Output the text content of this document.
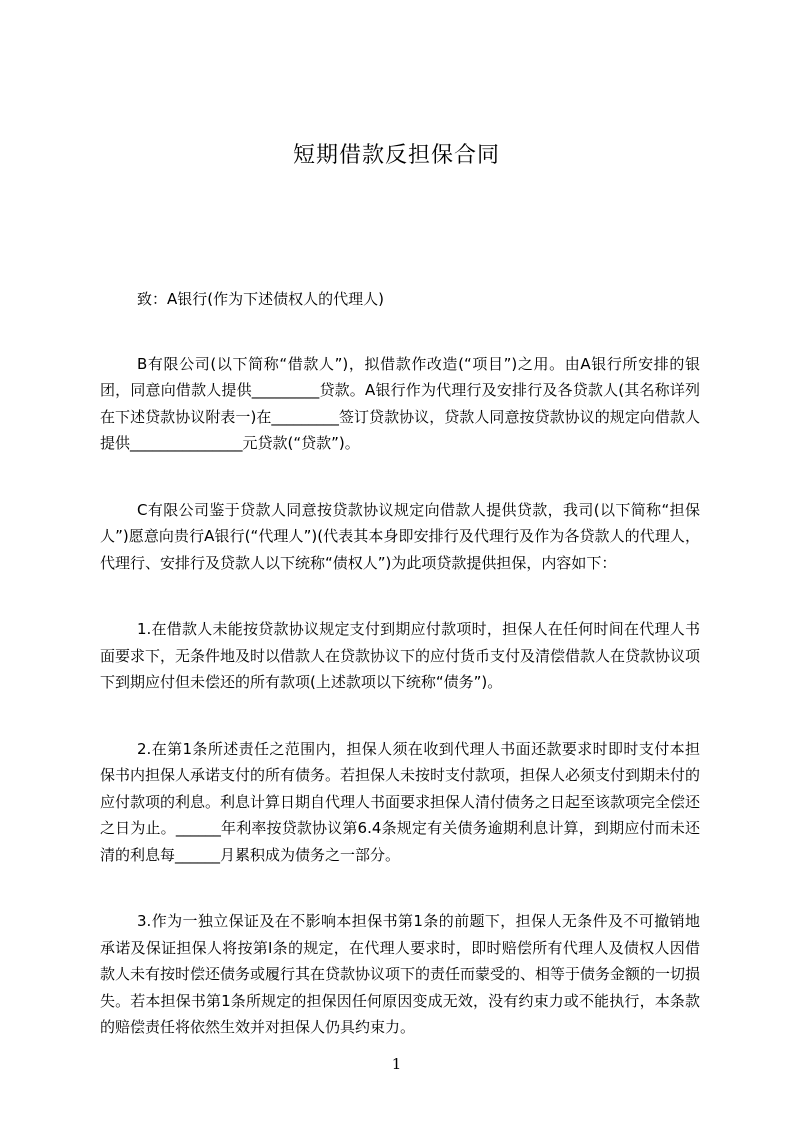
短期借款反担保合同

致：A银行(作为下述债权人的代理人)

B有限公司(以下简称“借款人”)，拟借款作改造(“项目”)之用。由A银行所安排的银团，同意向借款人提供_________贷款。A银行作为代理行及安排行及各贷款人(其名称详列在下述贷款协议附表一)在_________签订贷款协议，贷款人同意按贷款协议的规定向借款人提供_______________元贷款(“贷款”)。

C有限公司鉴于贷款人同意按贷款协议规定向借款人提供贷款，我司(以下简称“担保人”)愿意向贵行A银行(“代理人”)(代表其本身即安排行及代理行及作为各贷款人的代理人，代理行、安排行及贷款人以下统称“债权人”)为此项贷款提供担保，内容如下：

1.在借款人未能按贷款协议规定支付到期应付款项时，担保人在任何时间在代理人书面要求下，无条件地及时以借款人在贷款协议下的应付货币支付及清偿借款人在贷款协议项下到期应付但未偿还的所有款项(上述款项以下统称“债务”)。

2.在第1条所述责任之范围内，担保人须在收到代理人书面还款要求时即时支付本担保书内担保人承诺支付的所有债务。若担保人未按时支付款项，担保人必须支付到期未付的应付款项的利息。利息计算日期自代理人书面要求担保人清付债务之日起至该款项完全偿还之日为止。______年利率按贷款协议第6.4条规定有关债务逾期利息计算，到期应付而未还清的利息每______月累积成为债务之一部分。

3.作为一独立保证及在不影响本担保书第1条的前题下，担保人无条件及不可撤销地承诺及保证担保人将按第Ⅰ条的规定，在代理人要求时，即时赔偿所有代理人及债权人因借款人未有按时偿还债务或履行其在贷款协议项下的责任而蒙受的、相等于债务金额的一切损失。若本担保书第1条所规定的担保因任何原因变成无效，没有约束力或不能执行，本条款的赔偿责任将依然生效并对担保人仍具约束力。

1
